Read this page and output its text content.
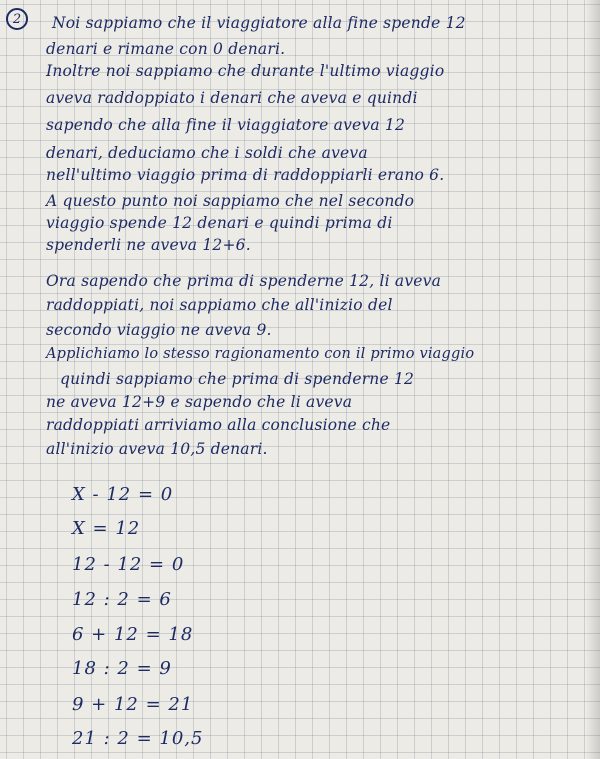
2 Noi sappiamo che il viaggiatore alla fine spende 12
denari e rimane con 0 denari.
Inoltre noi sappiamo che durante l'ultimo viaggio
aveva raddoppiato i denari che aveva e quindi
sapendo che alla fine il viaggiatore aveva 12
denari, deduciamo che i soldi che aveva
nell'ultimo viaggio prima di raddoppiarli erano 6.
A questo punto noi sappiamo che nel secondo
viaggio spende 12 denari e quindi prima di
spenderli ne aveva 12+6.
Ora sapendo che prima di spenderne 12, li aveva
raddoppiati, noi sappiamo che all'inizio del
secondo viaggio ne aveva 9.
Applichiamo lo stesso ragionamento con il primo viaggio
quindi sappiamo che prima di spenderne 12
ne aveva 12+9 e sapendo che li aveva
raddoppiati arriviamo alla conclusione che
all'inizio aveva 10,5 denari.
X - 12 = 0
X = 12
12 - 12 = 0
12 : 2 = 6
6 + 12 = 18
18 : 2 = 9
9 + 12 = 21
21 : 2 = 10,5
